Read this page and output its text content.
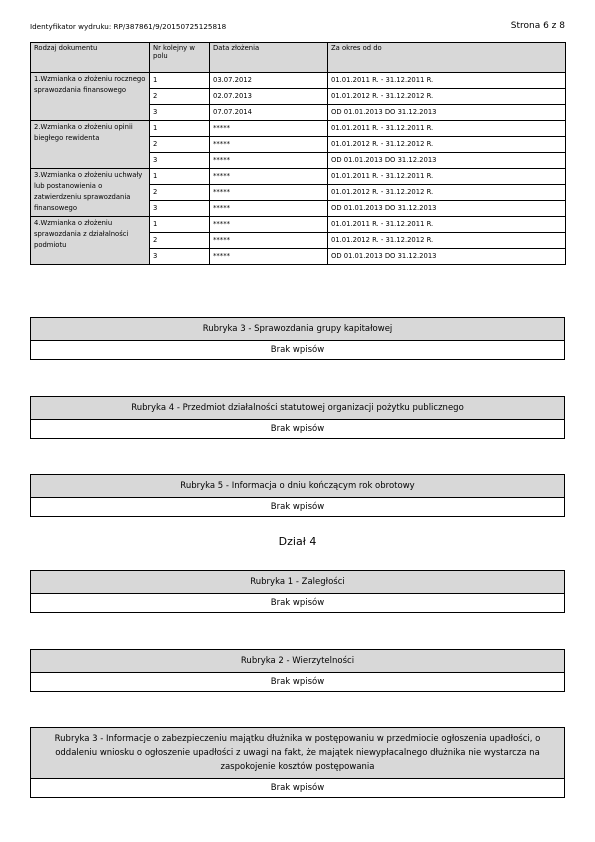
Identyfikator wydruku: RP/387861/9/20150725125818	Strona 6 z 8
Rodzaj dokumentu	Nr kolejny w polu	Data złożenia	Za okres od do
1.Wzmianka o złożeniu rocznego sprawozdania finansowego	1	03.07.2012	01.01.2011 R. - 31.12.2011 R.
	2	02.07.2013	01.01.2012 R. - 31.12.2012 R.
	3	07.07.2014	OD 01.01.2013 DO 31.12.2013
2.Wzmianka o złożeniu opinii biegłego rewidenta	1	*****	01.01.2011 R. - 31.12.2011 R.
	2	*****	01.01.2012 R. - 31.12.2012 R.
	3	*****	OD 01.01.2013 DO 31.12.2013
3.Wzmianka o złożeniu uchwały lub postanowienia o zatwierdzeniu sprawozdania finansowego	1	*****	01.01.2011 R. - 31.12.2011 R.
	2	*****	01.01.2012 R. - 31.12.2012 R.
	3	*****	OD 01.01.2013 DO 31.12.2013
4.Wzmianka o złożeniu sprawozdania z działalności podmiotu	1	*****	01.01.2011 R. - 31.12.2011 R.
	2	*****	01.01.2012 R. - 31.12.2012 R.
	3	*****	OD 01.01.2013 DO 31.12.2013
Rubryka 3 - Sprawozdania grupy kapitałowej
Brak wpisów
Rubryka 4 - Przedmiot działalności statutowej organizacji pożytku publicznego
Brak wpisów
Rubryka 5 - Informacja o dniu kończącym rok obrotowy
Brak wpisów
Dział 4
Rubryka 1 - Zaległości
Brak wpisów
Rubryka 2 - Wierzytelności
Brak wpisów
Rubryka 3 - Informacje o zabezpieczeniu majątku dłużnika w postępowaniu w przedmiocie ogłoszenia upadłości, o oddaleniu wniosku o ogłoszenie upadłości z uwagi na fakt, że majątek niewypłacalnego dłużnika nie wystarcza na zaspokojenie kosztów postępowania
Brak wpisów
